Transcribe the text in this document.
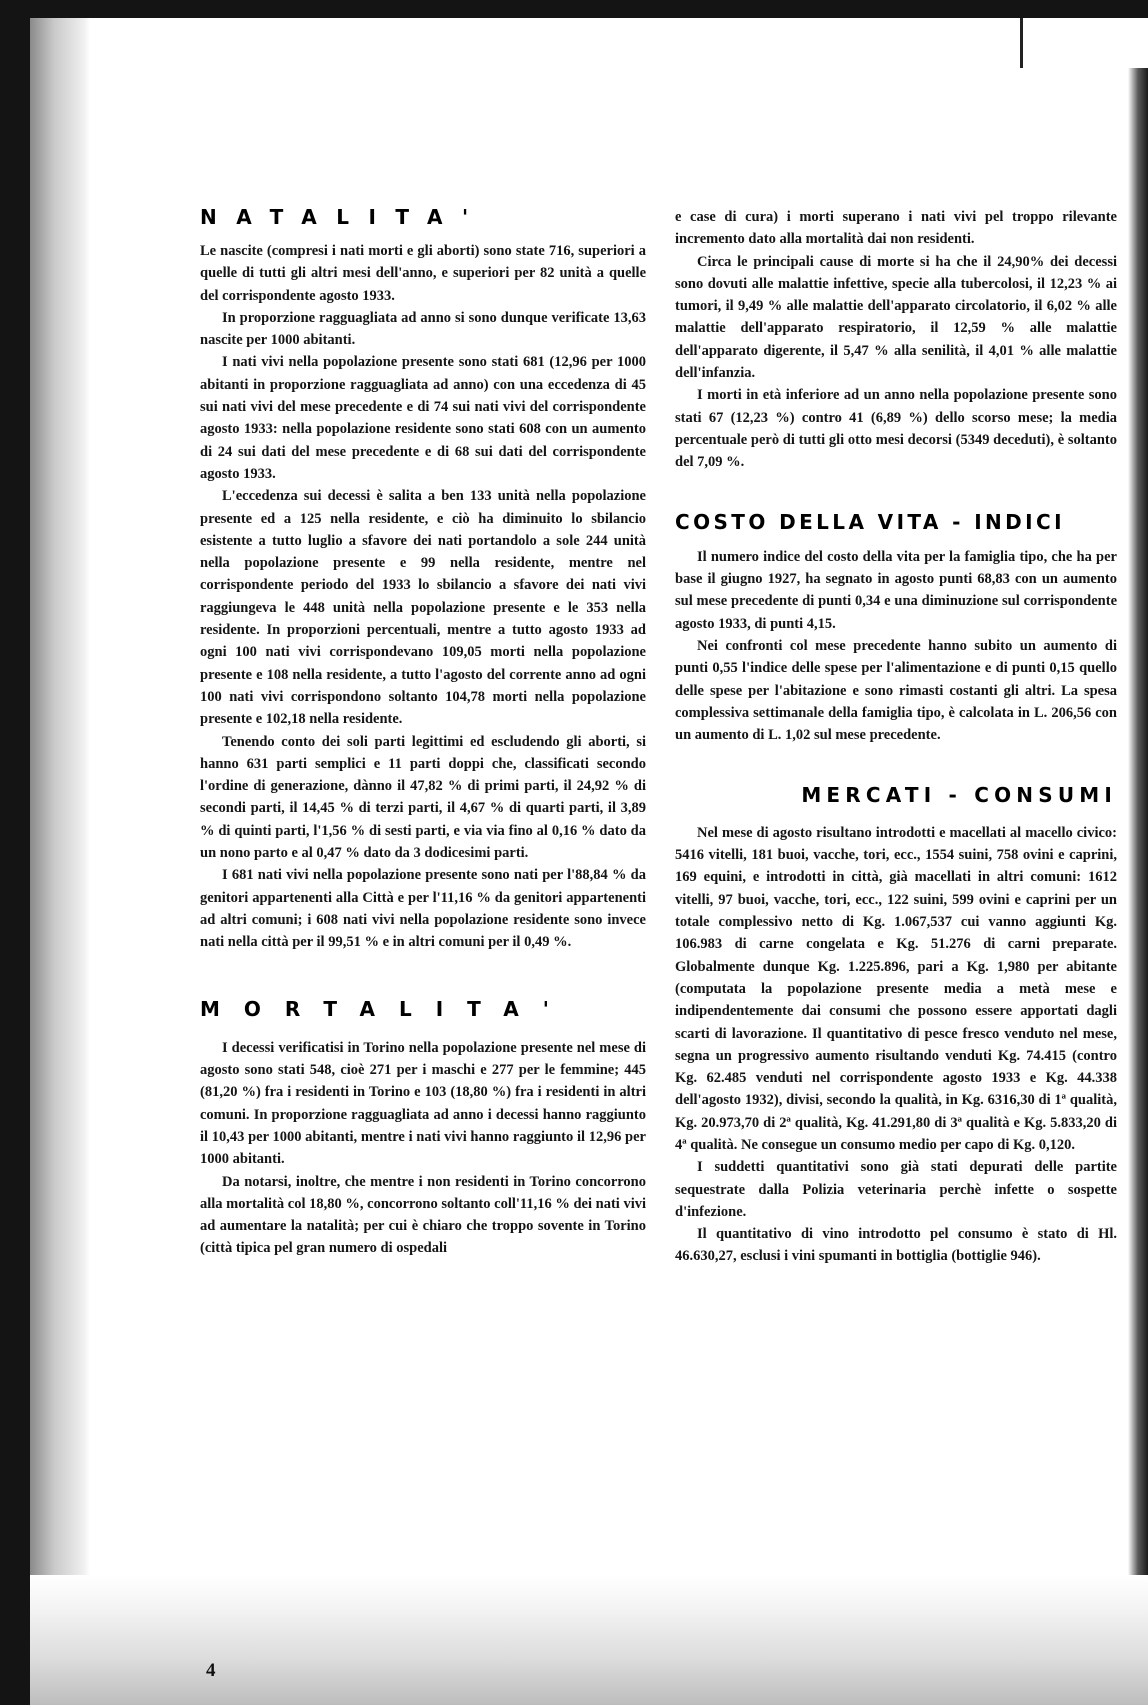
NATALITA'

Le nascite (compresi i nati morti e gli aborti) sono state 716, superiori a quelle di tutti gli altri mesi dell'anno, e superiori per 82 unità a quelle del corrispondente agosto 1933.

In proporzione ragguagliata ad anno si sono dunque verificate 13,63 nascite per 1000 abitanti.

I nati vivi nella popolazione presente sono stati 681 (12,96 per 1000 abitanti in proporzione ragguagliata ad anno) con una eccedenza di 45 sui nati vivi del mese precedente e di 74 sui nati vivi del corrispondente agosto 1933: nella popolazione residente sono stati 608 con un aumento di 24 sui dati del mese precedente e di 68 sui dati del corrispondente agosto 1933.

L'eccedenza sui decessi è salita a ben 133 unità nella popolazione presente ed a 125 nella residente, e ciò ha diminuito lo sbilancio esistente a tutto luglio a sfavore dei nati portandolo a sole 244 unità nella popolazione presente e 99 nella residente, mentre nel corrispondente periodo del 1933 lo sbilancio a sfavore dei nati vivi raggiungeva le 448 unità nella popolazione presente e le 353 nella residente. In proporzioni percentuali, mentre a tutto agosto 1933 ad ogni 100 nati vivi corrispondevano 109,05 morti nella popolazione presente e 108 nella residente, a tutto l'agosto del corrente anno ad ogni 100 nati vivi corrispondono soltanto 104,78 morti nella popolazione presente e 102,18 nella residente.

Tenendo conto dei soli parti legittimi ed escludendo gli aborti, si hanno 631 parti semplici e 11 parti doppi che, classificati secondo l'ordine di generazione, dànno il 47,82 % di primi parti, il 24,92 % di secondi parti, il 14,45 % di terzi parti, il 4,67 % di quarti parti, il 3,89 % di quinti parti, l'1,56 % di sesti parti, e via via fino al 0,16 % dato da un nono parto e al 0,47 % dato da 3 dodicesimi parti.

I 681 nati vivi nella popolazione presente sono nati per l'88,84 % da genitori appartenenti alla Città e per l'11,16 % da genitori appartenenti ad altri comuni; i 608 nati vivi nella popolazione residente sono invece nati nella città per il 99,51 % e in altri comuni per il 0,49 %.

MORTALITA'

I decessi verificatisi in Torino nella popolazione presente nel mese di agosto sono stati 548, cioè 271 per i maschi e 277 per le femmine; 445 (81,20 %) fra i residenti in Torino e 103 (18,80 %) fra i residenti in altri comuni. In proporzione ragguagliata ad anno i decessi hanno raggiunto il 10,43 per 1000 abitanti, mentre i nati vivi hanno raggiunto il 12,96 per 1000 abitanti.

Da notarsi, inoltre, che mentre i non residenti in Torino concorrono alla mortalità col 18,80 %, concorrono soltanto coll'11,16 % dei nati vivi ad aumentare la natalità; per cui è chiaro che troppo sovente in Torino (città tipica pel gran numero di ospedali

e case di cura) i morti superano i nati vivi pel troppo rilevante incremento dato alla mortalità dai non residenti.

Circa le principali cause di morte si ha che il 24,90% dei decessi sono dovuti alle malattie infettive, specie alla tubercolosi, il 12,23 % ai tumori, il 9,49 % alle malattie dell'apparato circolatorio, il 6,02 % alle malattie dell'apparato respiratorio, il 12,59 % alle malattie dell'apparato digerente, il 5,47 % alla senilità, il 4,01 % alle malattie dell'infanzia.

I morti in età inferiore ad un anno nella popolazione presente sono stati 67 (12,23 %) contro 41 (6,89 %) dello scorso mese; la media percentuale però di tutti gli otto mesi decorsi (5349 deceduti), è soltanto del 7,09 %.

COSTO DELLA VITA - INDICI

Il numero indice del costo della vita per la famiglia tipo, che ha per base il giugno 1927, ha segnato in agosto punti 68,83 con un aumento sul mese precedente di punti 0,34 e una diminuzione sul corrispondente agosto 1933, di punti 4,15.

Nei confronti col mese precedente hanno subito un aumento di punti 0,55 l'indice delle spese per l'alimentazione e di punti 0,15 quello delle spese per l'abitazione e sono rimasti costanti gli altri. La spesa complessiva settimanale della famiglia tipo, è calcolata in L. 206,56 con un aumento di L. 1,02 sul mese precedente.

MERCATI - CONSUMI

Nel mese di agosto risultano introdotti e macellati al macello civico: 5416 vitelli, 181 buoi, vacche, tori, ecc., 1554 suini, 758 ovini e caprini, 169 equini, e introdotti in città, già macellati in altri comuni: 1612 vitelli, 97 buoi, vacche, tori, ecc., 122 suini, 599 ovini e caprini per un totale complessivo netto di Kg. 1.067,537 cui vanno aggiunti Kg. 106.983 di carne congelata e Kg. 51.276 di carni preparate. Globalmente dunque Kg. 1.225.896, pari a Kg. 1,980 per abitante (computata la popolazione presente media a metà mese e indipendentemente dai consumi che possono essere apportati dagli scarti di lavorazione. Il quantitativo di pesce fresco venduto nel mese, segna un progressivo aumento risultando venduti Kg. 74.415 (contro Kg. 62.485 venduti nel corrispondente agosto 1933 e Kg. 44.338 dell'agosto 1932), divisi, secondo la qualità, in Kg. 6316,30 di 1ª qualità, Kg. 20.973,70 di 2ª qualità, Kg. 41.291,80 di 3ª qualità e Kg. 5.833,20 di 4ª qualità. Ne consegue un consumo medio per capo di Kg. 0,120.

I suddetti quantitativi sono già stati depurati delle partite sequestrate dalla Polizia veterinaria perchè infette o sospette d'infezione.

Il quantitativo di vino introdotto pel consumo è stato di Hl. 46.630,27, esclusi i vini spumanti in bottiglia (bottiglie 946).

4
